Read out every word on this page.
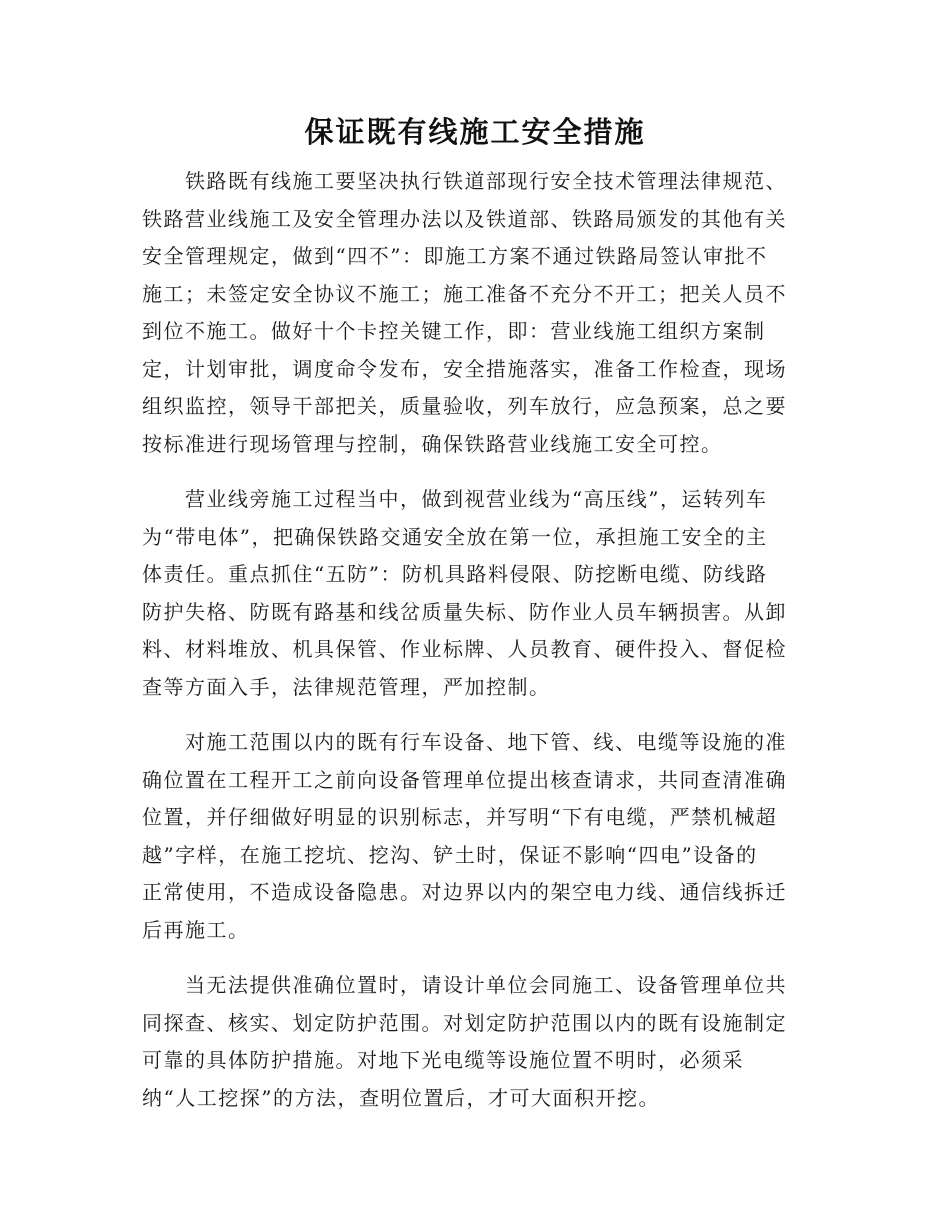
保证既有线施工安全措施
　　铁路既有线施工要坚决执行铁道部现行安全技术管理法律规范、
铁路营业线施工及安全管理办法以及铁道部、铁路局颁发的其他有关
安全管理规定，做到“四不”：即施工方案不通过铁路局签认审批不
施工；未签定安全协议不施工；施工准备不充分不开工；把关人员不
到位不施工。做好十个卡控关键工作，即：营业线施工组织方案制
定，计划审批，调度命令发布，安全措施落实，准备工作检查，现场
组织监控，领导干部把关，质量验收，列车放行，应急预案，总之要
按标准进行现场管理与控制，确保铁路营业线施工安全可控。
　　营业线旁施工过程当中，做到视营业线为“高压线”，运转列车
为“带电体”，把确保铁路交通安全放在第一位，承担施工安全的主
体责任。重点抓住“五防”：防机具路料侵限、防挖断电缆、防线路
防护失格、防既有路基和线岔质量失标、防作业人员车辆损害。从卸
料、材料堆放、机具保管、作业标牌、人员教育、硬件投入、督促检
查等方面入手，法律规范管理，严加控制。
　　对施工范围以内的既有行车设备、地下管、线、电缆等设施的准
确位置在工程开工之前向设备管理单位提出核查请求，共同查清准确
位置，并仔细做好明显的识别标志，并写明“下有电缆，严禁机械超
越”字样，在施工挖坑、挖沟、铲土时，保证不影响“四电”设备的
正常使用，不造成设备隐患。对边界以内的架空电力线、通信线拆迁
后再施工。
　　当无法提供准确位置时，请设计单位会同施工、设备管理单位共
同探查、核实、划定防护范围。对划定防护范围以内的既有设施制定
可靠的具体防护措施。对地下光电缆等设施位置不明时，必须采
纳“人工挖探”的方法，查明位置后，才可大面积开挖。
